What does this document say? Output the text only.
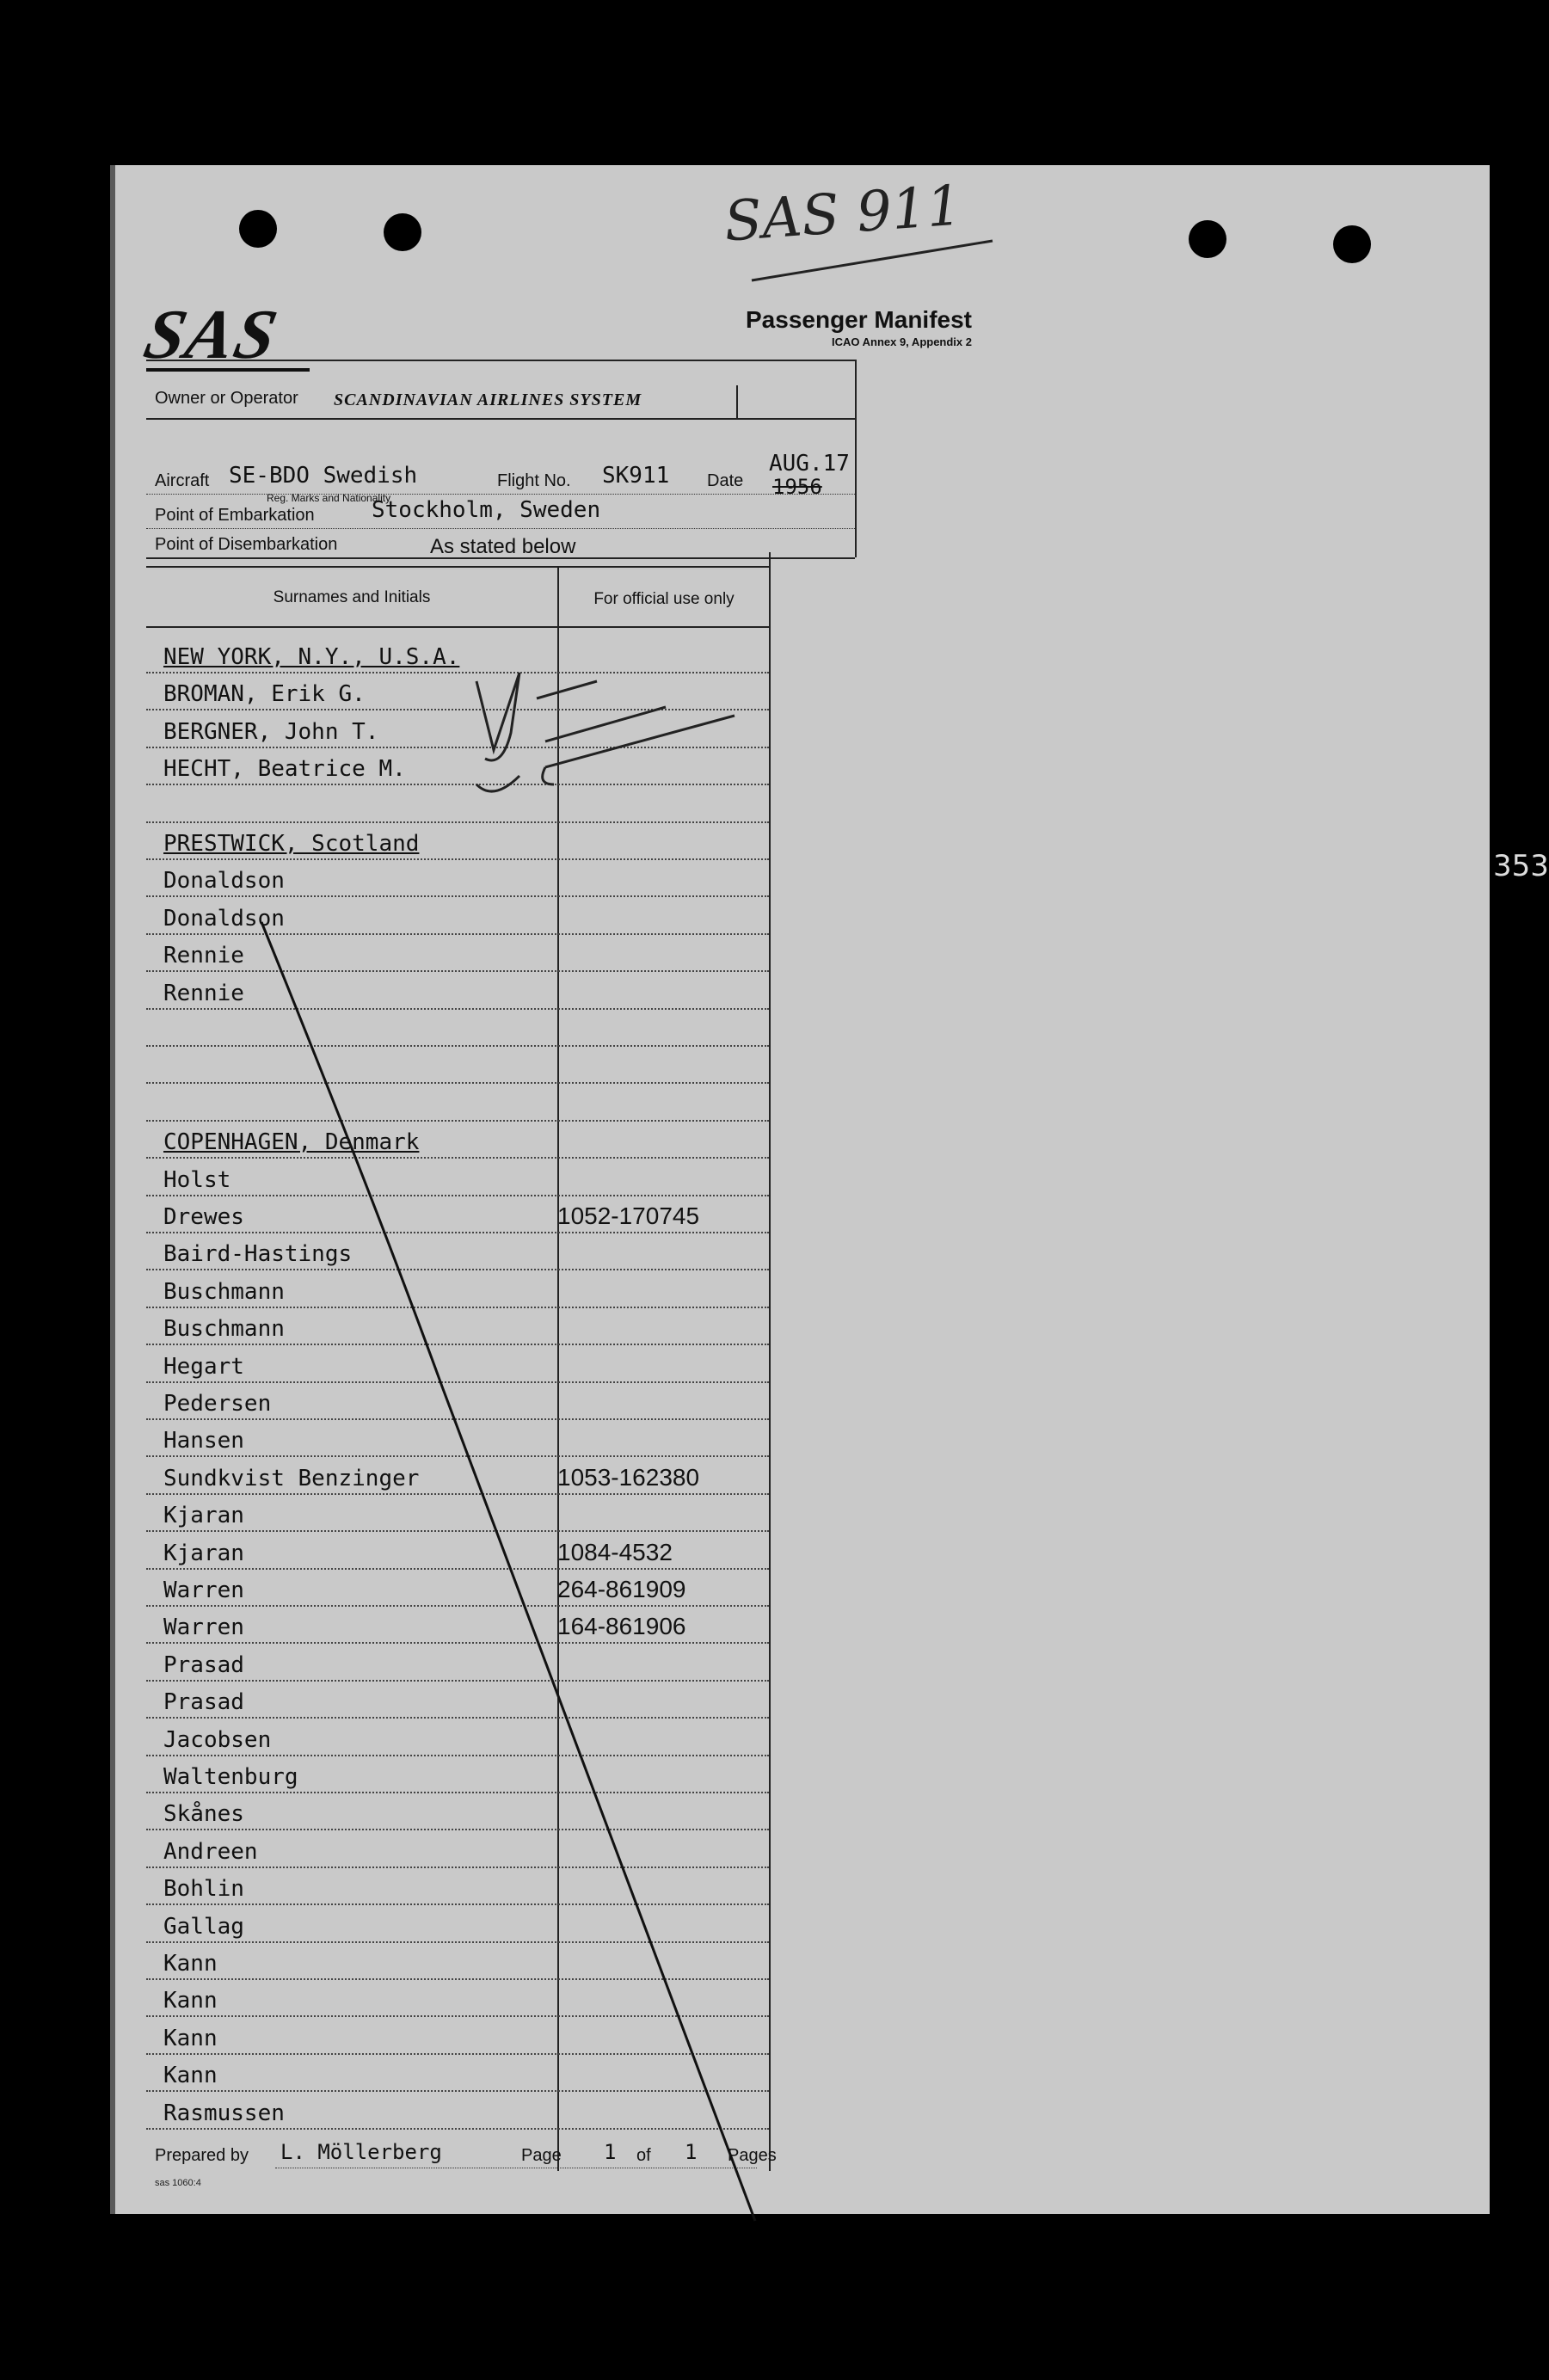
SAS 911
353
SAS	Passenger Manifest
ICAO Annex 9, Appendix 2
Owner or Operator SCANDINAVIAN AIRLINES SYSTEM
Aircraft SE-BDO Swedish
Reg. Marks and Nationality
Flight No. SK911 Date
AUG.17
1956
Point of Embarkation	Stockholm, Sweden
Point of Disembarkation	As stated below
Surnames and Initials	For official use only
NEW YORK, N.Y., U.S.A.
BROMAN, Erik G.
BERGNER, John T.
HECHT, Beatrice M.
PRESTWICK, Scotland
Donaldson
Donaldson
Rennie
Rennie
COPENHAGEN, Denmark
Holst
Drewes	1052-170745
Baird-Hastings
Buschmann
Buschmann
Hegart
Pedersen
Hansen
Sundkvist Benzinger	1053-162380
Kjaran
Kjaran	1084-4532
Warren	264-861909
Warren	164-861906
Prasad
Prasad
Jacobsen
Waltenburg
Skånes
Andreen
Bohlin
Gallag
Kann
Kann
Kann
Kann
Rasmussen
Prepared by L. Möllerberg	Page 1 of 1 Pages
sas 1060:4
